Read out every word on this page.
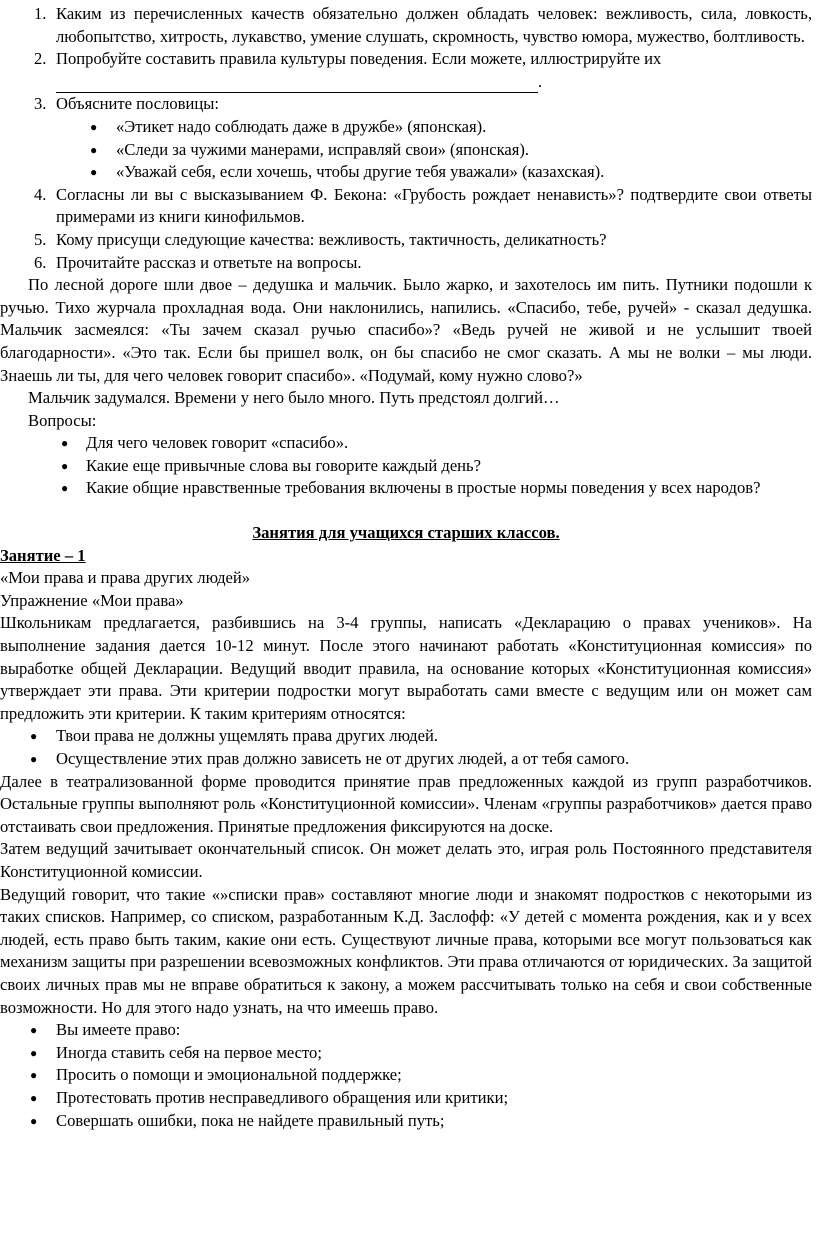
1. Каким из перечисленных качеств обязательно должен обладать человек: вежливость, сила, ловкость, любопытство, хитрость, лукавство, умение слушать, скромность, чувство юмора, мужество, болтливость.
2. Попробуйте составить правила культуры поведения. Если можете, иллюстрируйте их
.
3. Объясните пословицы:
● «Этикет надо соблюдать даже в дружбе» (японская).
● «Следи за чужими манерами, исправляй свои» (японская).
● «Уважай себя, если хочешь, чтобы другие тебя уважали» (казахская).
4. Согласны ли вы с высказыванием Ф. Бекона: «Грубость рождает ненависть»? подтвердите свои ответы примерами из книги кинофильмов.
5. Кому присущи следующие качества: вежливость, тактичность, деликатность?
6. Прочитайте рассказ и ответьте на вопросы.

По лесной дороге шли двое – дедушка и мальчик. Было жарко, и захотелось им пить. Путники подошли к ручью. Тихо журчала прохладная вода. Они наклонились, напились. «Спасибо, тебе, ручей» - сказал дедушка. Мальчик засмеялся: «Ты зачем сказал ручью спасибо»? «Ведь ручей не живой и не услышит твоей благодарности». «Это так. Если бы пришел волк, он бы спасибо не смог сказать. А мы не волки – мы люди. Знаешь ли ты, для чего человек говорит спасибо». «Подумай, кому нужно слово?»

Мальчик задумался. Времени у него было много. Путь предстоял долгий…

Вопросы:

● Для чего человек говорит «спасибо».
● Какие еще привычные слова вы говорите каждый день?
● Какие общие нравственные требования включены в простые нормы поведения у всех народов?

Занятия для учащихся старших классов.

Занятие – 1

«Мои права и права других людей»

Упражнение «Мои права»

Школьникам предлагается, разбившись на 3-4 группы, написать «Декларацию о правах учеников». На выполнение задания дается 10-12 минут. После этого начинают работать «Конституционная комиссия» по выработке общей Декларации. Ведущий вводит правила, на основание которых «Конституционная комиссия» утверждает эти права. Эти критерии подростки могут выработать сами вместе с ведущим или он может сам предложить эти критерии. К таким критериям относятся:

● Твои права не должны ущемлять права других людей.
● Осуществление этих прав должно зависеть не от других людей, а от тебя самого.

Далее в театрализованной форме проводится принятие прав предложенных каждой из групп разработчиков. Остальные группы выполняют роль «Конституционной комиссии». Членам «группы разработчиков» дается право отстаивать свои предложения. Принятые предложения фиксируются на доске.

Затем ведущий зачитывает окончательный список. Он может делать это, играя роль Постоянного представителя Конституционной комиссии.

Ведущий говорит, что такие «»списки прав» составляют многие люди и знакомят подростков с некоторыми из таких списков. Например, со списком, разработанным К.Д. Заслофф: «У детей с момента рождения, как и у всех людей, есть право быть таким, какие они есть. Существуют личные права, которыми все могут пользоваться как механизм защиты при разрешении всевозможных конфликтов. Эти права отличаются от юридических. За защитой своих личных прав мы не вправе обратиться к закону, а можем рассчитывать только на себя и свои собственные возможности. Но для этого надо узнать, на что имеешь право.

● Вы имеете право:
● Иногда ставить себя на первое место;
● Просить о помощи и эмоциональной поддержке;
● Протестовать против несправедливого обращения или критики;
● Совершать ошибки, пока не найдете правильный путь;
